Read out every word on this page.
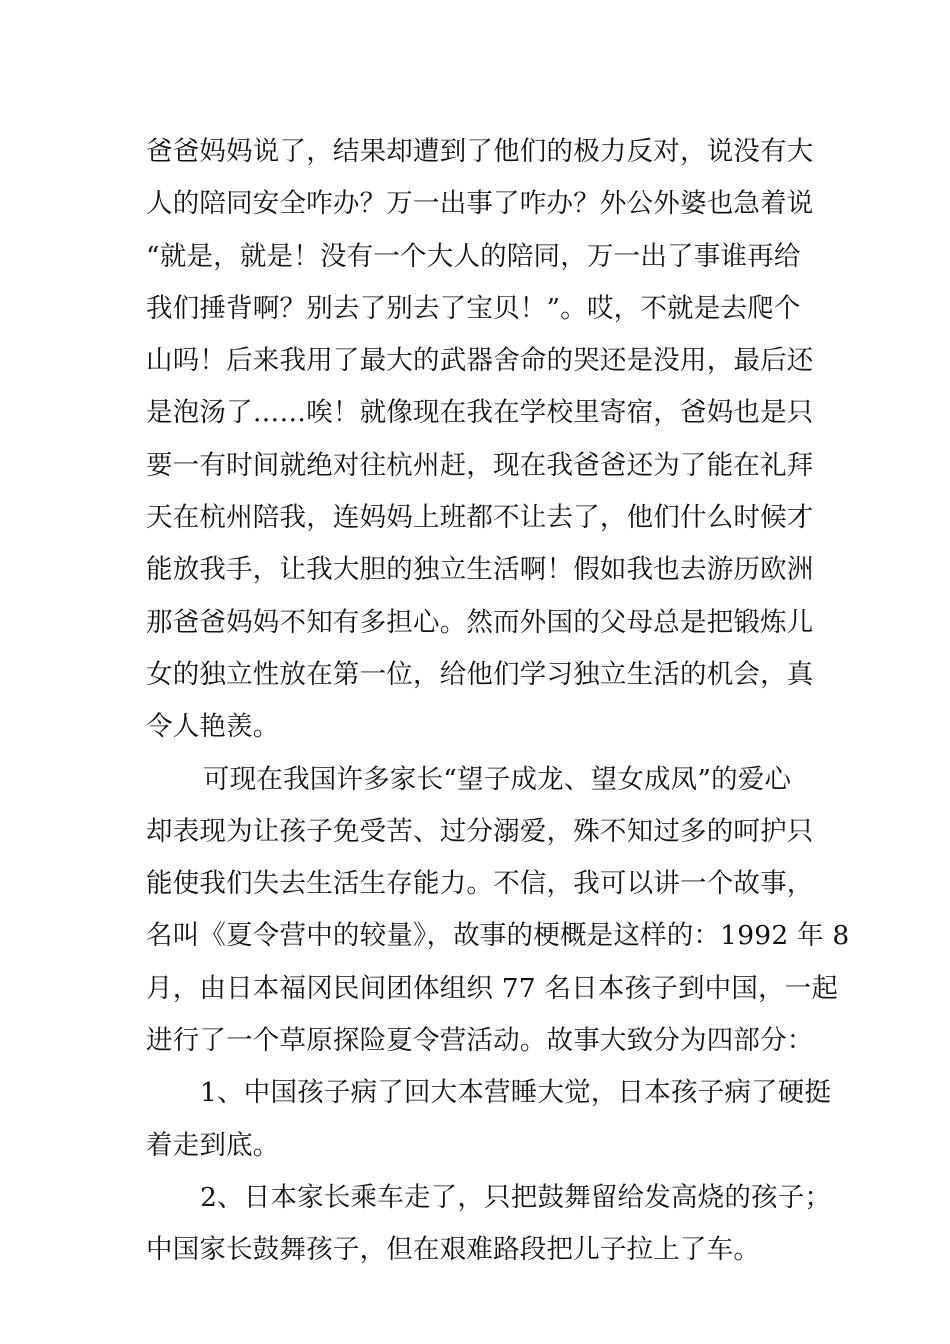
爸爸妈妈说了，结果却遭到了他们的极力反对，说没有大
人的陪同安全咋办？万一出事了咋办？外公外婆也急着说
“就是，就是！没有一个大人的陪同，万一出了事谁再给
我们捶背啊？别去了别去了宝贝！”。哎，不就是去爬个
山吗！后来我用了最大的武器舍命的哭还是没用，最后还
是泡汤了……唉！就像现在我在学校里寄宿，爸妈也是只
要一有时间就绝对往杭州赶，现在我爸爸还为了能在礼拜
天在杭州陪我，连妈妈上班都不让去了，他们什么时候才
能放我手，让我大胆的独立生活啊！假如我也去游历欧洲
那爸爸妈妈不知有多担心。然而外国的父母总是把锻炼儿
女的独立性放在第一位，给他们学习独立生活的机会，真
令人艳羡。
可现在我国许多家长“望子成龙、望女成凤”的爱心
却表现为让孩子免受苦、过分溺爱，殊不知过多的呵护只
能使我们失去生活生存能力。不信，我可以讲一个故事，
名叫《夏令营中的较量》，故事的梗概是这样的：1992 年 8
月，由日本福冈民间团体组织 77 名日本孩子到中国，一起
进行了一个草原探险夏令营活动。故事大致分为四部分：
1、中国孩子病了回大本营睡大觉，日本孩子病了硬挺
着走到底。
2、日本家长乘车走了，只把鼓舞留给发高烧的孩子；
中国家长鼓舞孩子，但在艰难路段把儿子拉上了车。
